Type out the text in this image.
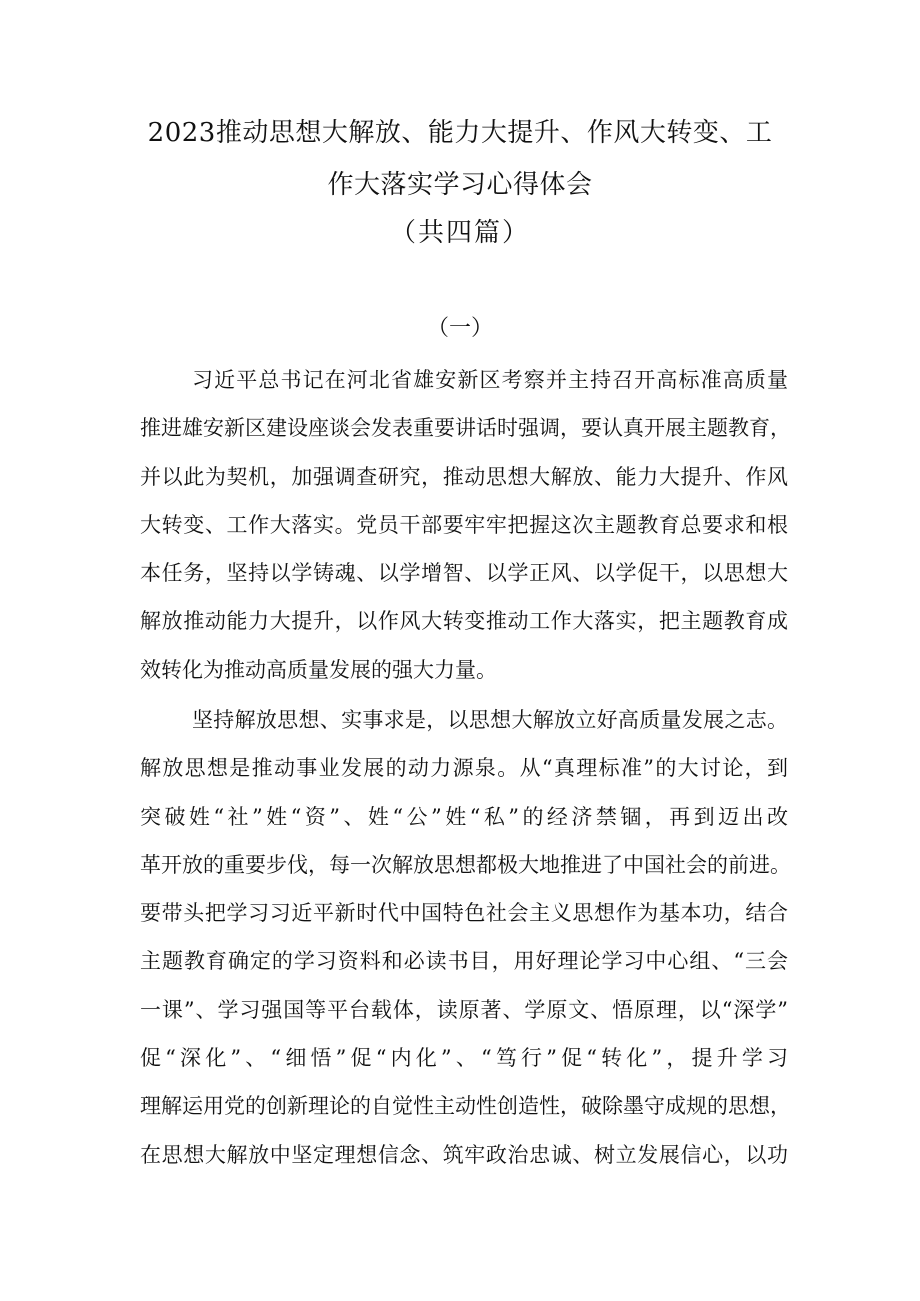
2023推动思想大解放、能力大提升、作风大转变、工
作大落实学习心得体会
（共四篇）
（一）
习近平总书记在河北省雄安新区考察并主持召开高标准高质量
推进雄安新区建设座谈会发表重要讲话时强调，要认真开展主题教育，
并以此为契机，加强调查研究，推动思想大解放、能力大提升、作风
大转变、工作大落实。党员干部要牢牢把握这次主题教育总要求和根
本任务，坚持以学铸魂、以学增智、以学正风、以学促干，以思想大
解放推动能力大提升，以作风大转变推动工作大落实，把主题教育成
效转化为推动高质量发展的强大力量。
坚持解放思想、实事求是，以思想大解放立好高质量发展之志。
解放思想是推动事业发展的动力源泉。从“真理标准”的大讨论，到
突破姓“社”姓“资”、姓“公”姓“私”的经济禁锢，再到迈出改
革开放的重要步伐，每一次解放思想都极大地推进了中国社会的前进。
要带头把学习习近平新时代中国特色社会主义思想作为基本功，结合
主题教育确定的学习资料和必读书目，用好理论学习中心组、“三会
一课”、学习强国等平台载体，读原著、学原文、悟原理，以“深学”
促“深化”、“细悟”促“内化”、“笃行”促“转化”，提升学习
理解运用党的创新理论的自觉性主动性创造性，破除墨守成规的思想，
在思想大解放中坚定理想信念、筑牢政治忠诚、树立发展信心，以功
